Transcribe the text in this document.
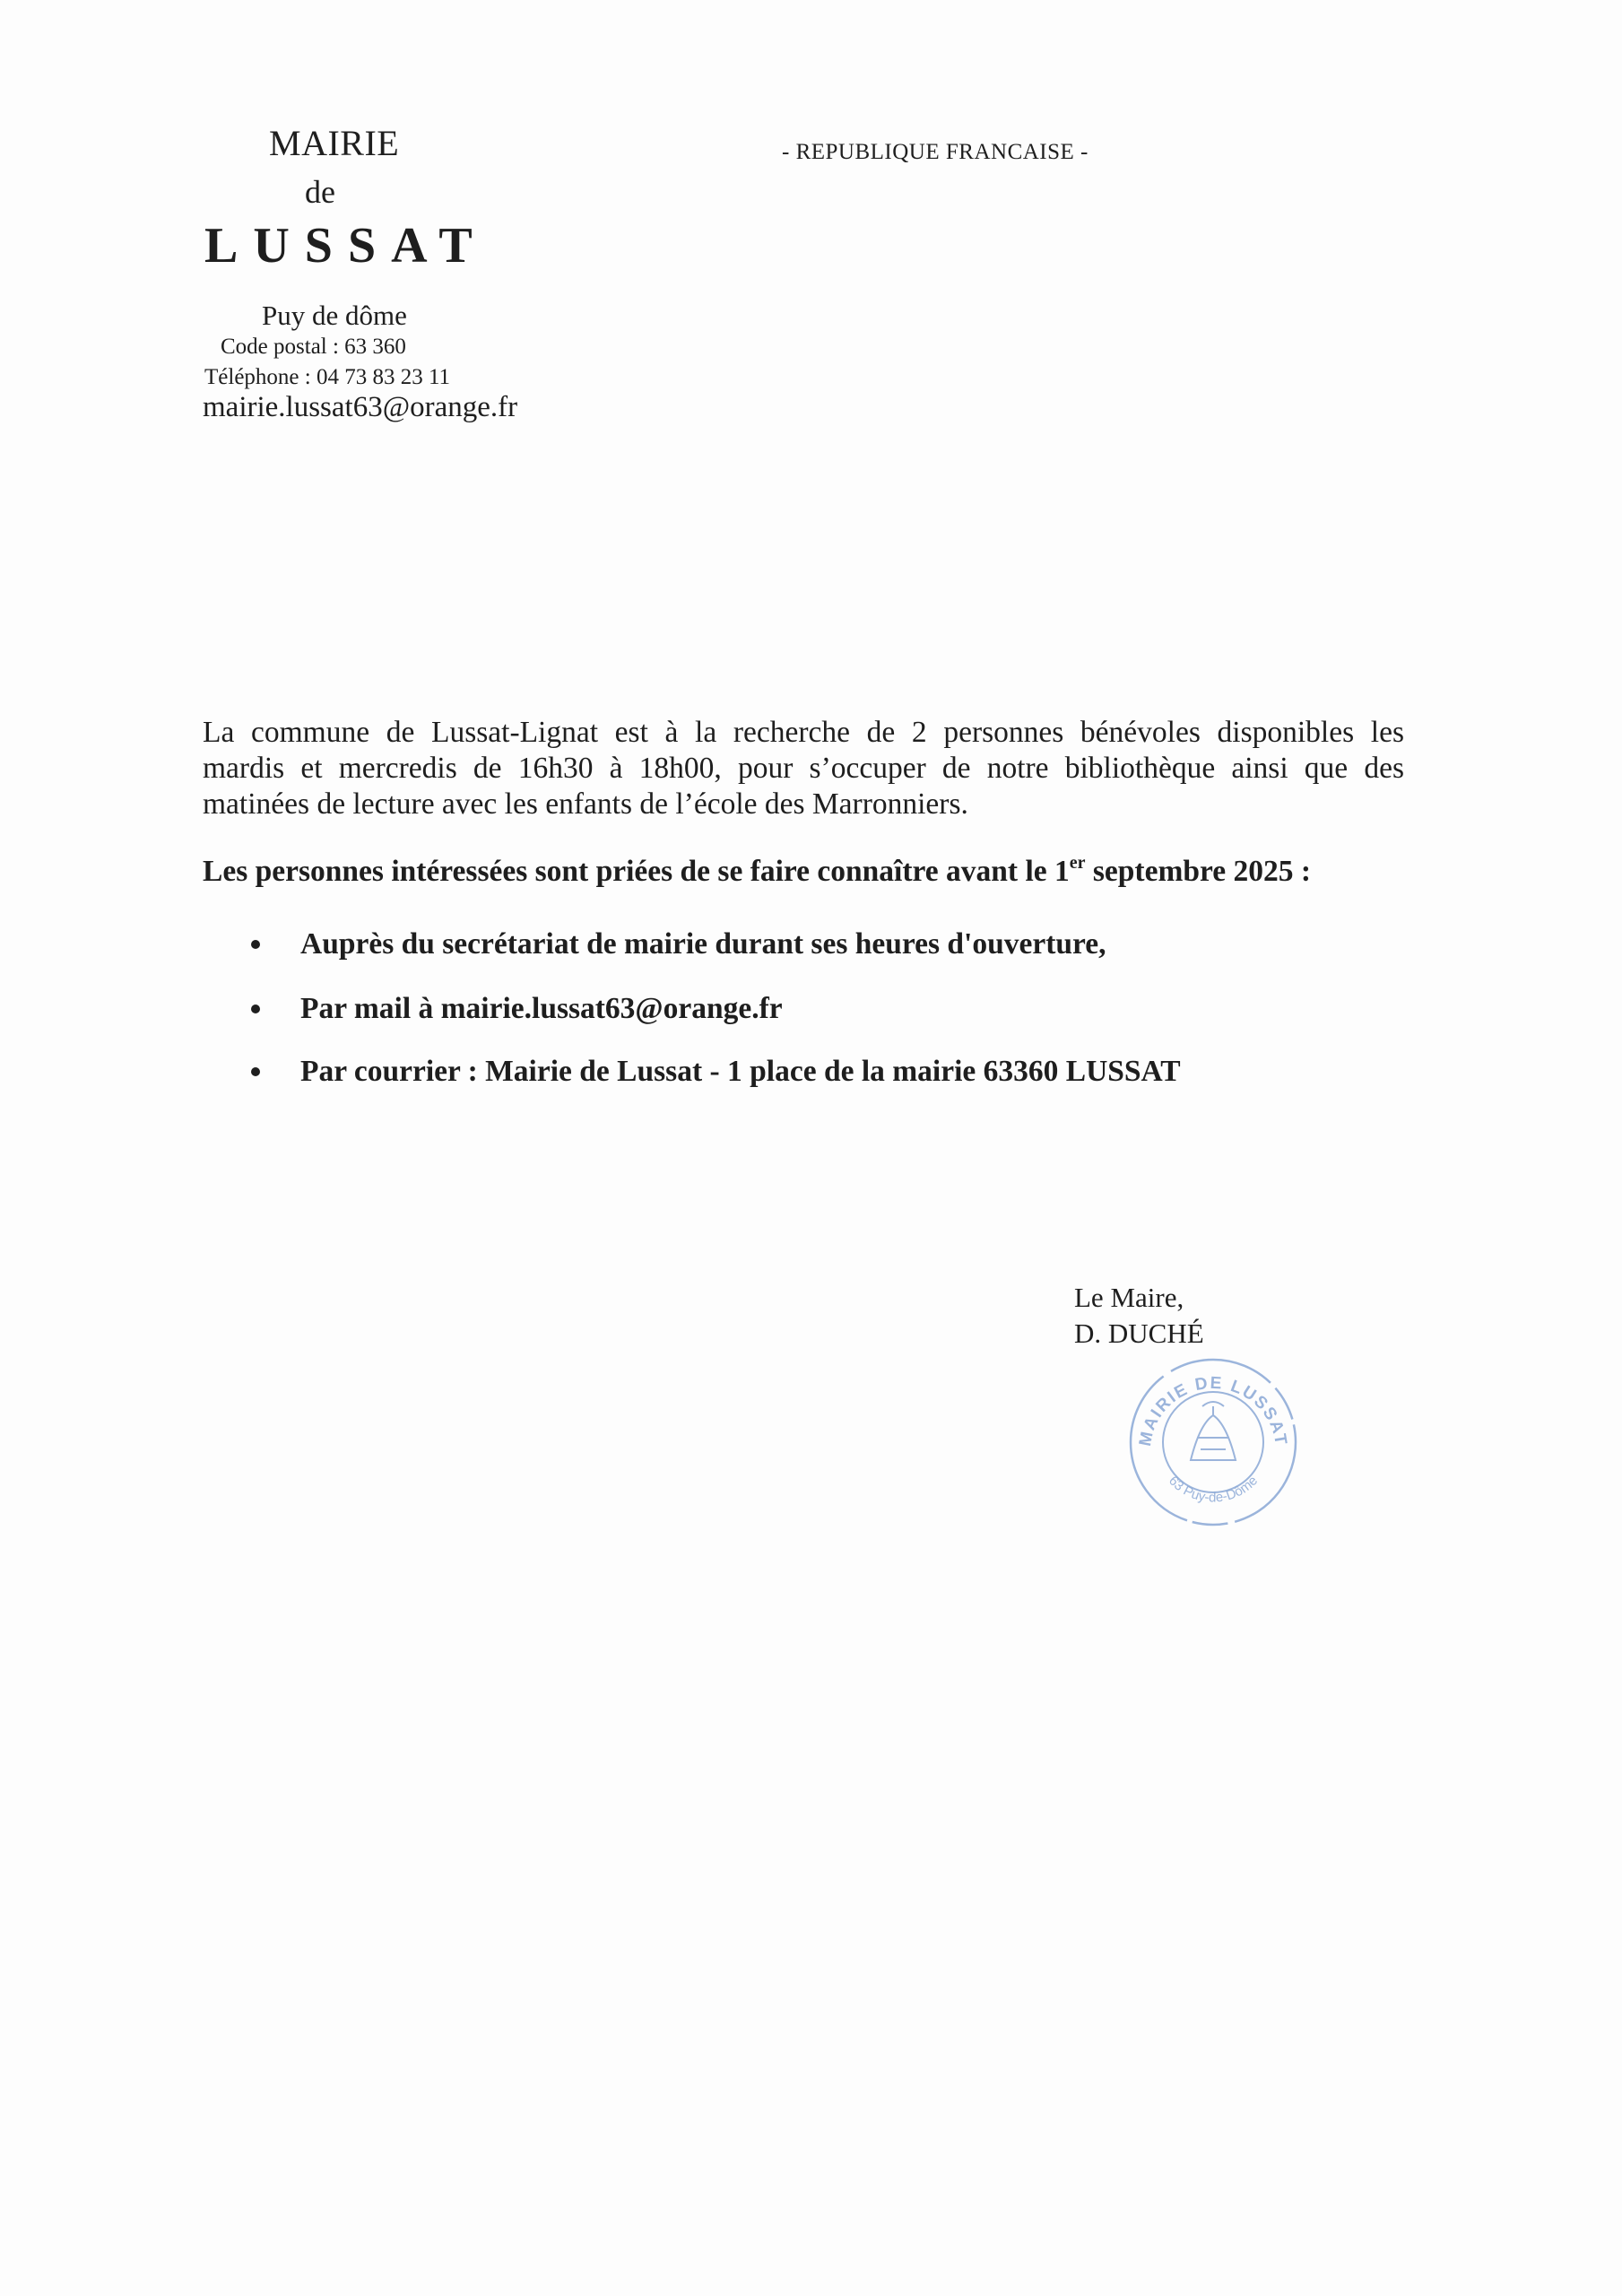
MAIRIE
de
LUSSAT
Puy de dôme
Code postal : 63 360
Téléphone : 04 73 83 23 11
mairie.lussat63@orange.fr
- REPUBLIQUE FRANCAISE -

La commune de Lussat-Lignat est à la recherche de 2 personnes bénévoles disponibles les
mardis et mercredis de 16h30 à 18h00, pour s’occuper de notre bibliothèque ainsi que des
matinées de lecture avec les enfants de l’école des Marronniers.

Les personnes intéressées sont priées de se faire connaître avant le 1er septembre 2025 :

Auprès du secrétariat de mairie durant ses heures d'ouverture,
Par mail à mairie.lussat63@orange.fr
Par courrier : Mairie de Lussat - 1 place de la mairie 63360 LUSSAT
Le Maire,
D. DUCHÉ
MAIRIE DE LUSSAT
63 Puy-de-Dôme
